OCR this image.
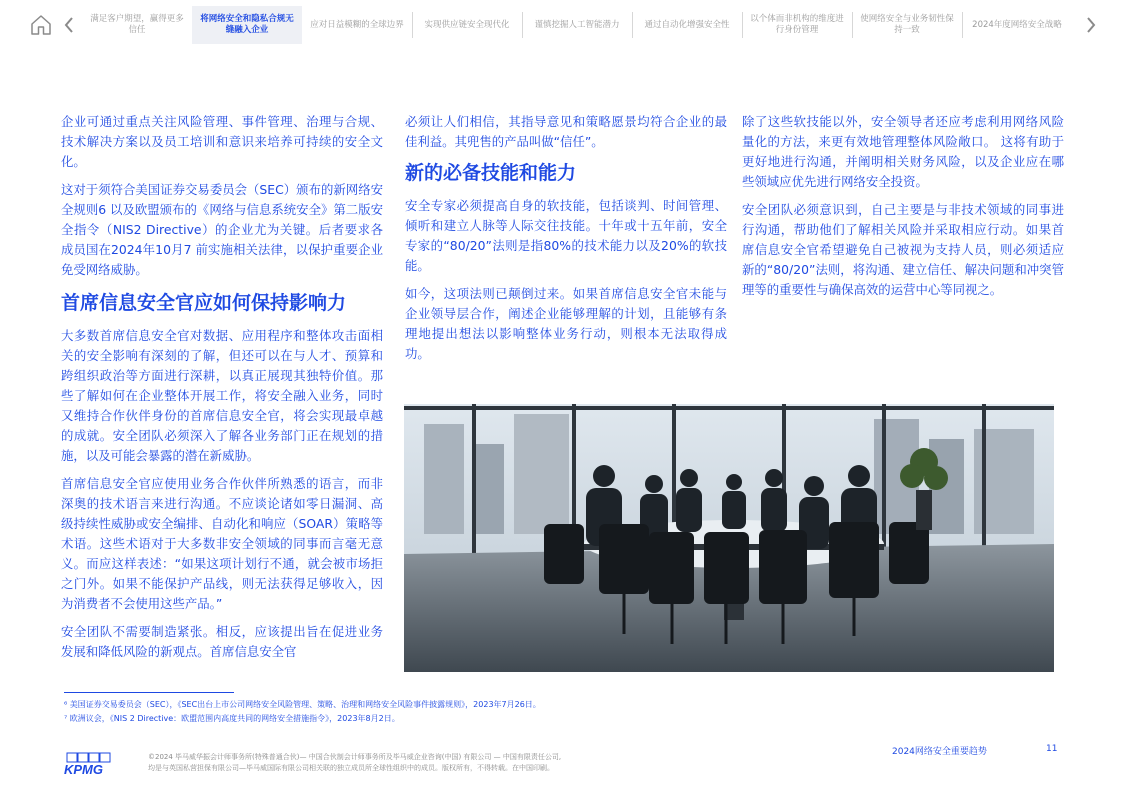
满足客户期望，赢得更多信任
将网络安全和隐私合规无缝融入企业
应对日益模糊的全球边界	实现供应链安全现代化	谨慎挖掘人工智能潜力	通过自动化增强安全性
以个体而非机构的维度进行身份管理
使网络安全与业务韧性保持一致
2024年度网络安全战略

企业可通过重点关注风险管理、事件管理、治理与合规、技术解决方案以及员工培训和意识来培养可持续的安全文化。

这对于须符合美国证券交易委员会（SEC）颁布的新网络安全规则6 以及欧盟颁布的《网络与信息系统安全》第二版安全指令（NIS2 Directive）的企业尤为关键。后者要求各成员国在2024年10月7 前实施相关法律，以保护重要企业免受网络威胁。

首席信息安全官应如何保持影响力

大多数首席信息安全官对数据、应用程序和整体攻击面相关的安全影响有深刻的了解，但还可以在与人才、预算和跨组织政治等方面进行深耕，以真正展现其独特价值。那些了解如何在企业整体开展工作，将安全融入业务，同时又维持合作伙伴身份的首席信息安全官，将会实现最卓越的成就。安全团队必须深入了解各业务部门正在规划的措施，以及可能会暴露的潜在新威胁。

首席信息安全官应使用业务合作伙伴所熟悉的语言，而非深奥的技术语言来进行沟通。不应谈论诸如零日漏洞、高级持续性威胁或安全编排、自动化和响应（SOAR）策略等术语。这些术语对于大多数非安全领域的同事而言毫无意义。而应这样表述：“如果这项计划行不通，就会被市场拒之门外。如果不能保护产品线，则无法获得足够收入，因为消费者不会使用这些产品。”

安全团队不需要制造紧张。相反，应该提出旨在促进业务发展和降低风险的新观点。首席信息安全官

必须让人们相信，其指导意见和策略愿景均符合企业的最佳利益。其兜售的产品叫做“信任”。

新的必备技能和能力

安全专家必须提高自身的软技能，包括谈判、时间管理、倾听和建立人脉等人际交往技能。十年或十五年前，安全专家的“80/20”法则是指80%的技术能力以及20%的软技能。

如今，这项法则已颠倒过来。如果首席信息安全官未能与企业领导层合作，阐述企业能够理解的计划，且能够有条理地提出想法以影响整体业务行动，则根本无法取得成功。

除了这些软技能以外，安全领导者还应考虑利用网络风险量化的方法，来更有效地管理整体风险敞口。 这将有助于更好地进行沟通，并阐明相关财务风险，以及企业应在哪些领域应优先进行网络安全投资。

安全团队必须意识到，自己主要是与非技术领域的同事进行沟通，帮助他们了解相关风险并采取相应行动。如果首席信息安全官希望避免自己被视为支持人员，则必须适应新的“80/20”法则，将沟通、建立信任、解决问题和冲突管理等的重要性与确保高效的运营中心等同视之。

⁶ 美国证券交易委员会（SEC），《SEC出台上市公司网络安全风险管理、策略、治理和网络安全风险事件披露规则》，2023年7月26日。
⁷ 欧洲议会，《NIS 2 Directive：欧盟范围内高度共同的网络安全措施指令》，2023年8月2日。
KPMG
©2024 毕马威华振会计师事务所(特殊普通合伙)— 中国合伙制会计师事务所及毕马威企业咨询(中国) 有限公司 — 中国有限责任公司,
均是与英国私营担保有限公司—毕马威国际有限公司相关联的独立成员所全球性组织中的成员。版权所有，不得转载。在中国印刷。
2024网络安全重要趋势	11
